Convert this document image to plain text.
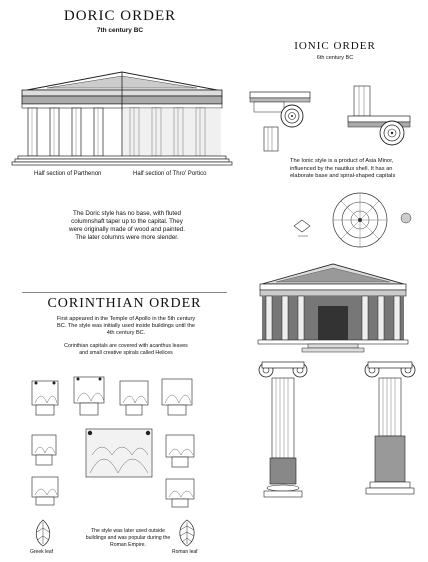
DORIC ORDER
7th century BC
Half section of Parthenon	Half section of Thro' Portico
The Doric style has no base, with fluted columnshaft taper up to the capital. They were originally made of wood and painted. The later columns were more slender.
IONIC ORDER
6th century BC
The Ionic style is a product of Asia Minor, influenced by the nautilus shell. It has an elaborate base and spiral-shaped capitals
CORINTHIAN ORDER
First appeared in the Temple of Apollo in the 5th century BC. The style was initially used inside buildings until the 4th century BC.
Corinthian capitals are covered with acanthus leaves and small creative spirals called Helices
Greek leaf
The style was later used outside buildings and was popular during the Roman Empire.
Roman leaf
